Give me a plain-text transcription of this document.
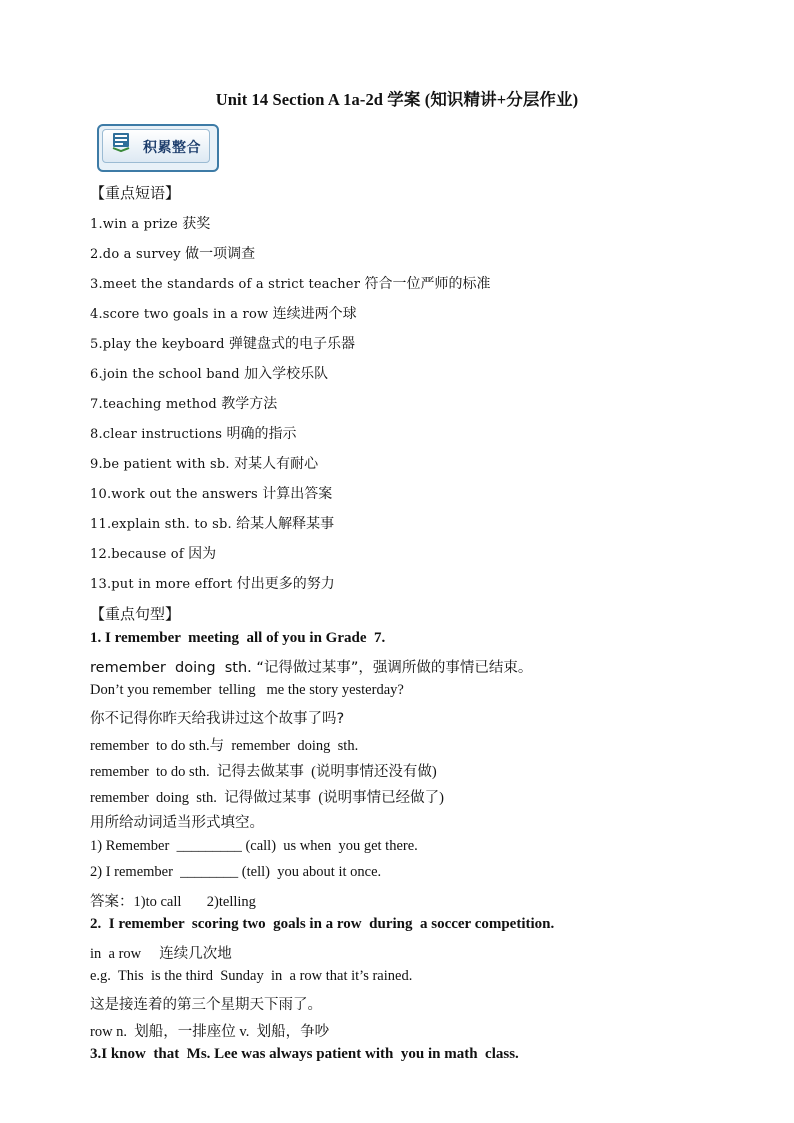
Unit 14 Section A 1a-2d 学案 (知识精讲+分层作业)
积累整合
【重点短语】
1.win a prize 获奖
2.do a survey 做一项调查
3.meet the standards of a strict teacher 符合一位严师的标准
4.score two goals in a row 连续进两个球
5.play the keyboard 弹键盘式的电子乐器
6.join the school band 加入学校乐队
7.teaching method 教学方法
8.clear instructions 明确的指示
9.be patient with sb. 对某人有耐心
10.work out the answers 计算出答案
11.explain sth. to sb. 给某人解释某事
12.because of 因为
13.put in more effort 付出更多的努力
【重点句型】
1. I remember  meeting  all of you in Grade  7.
remember  doing  sth. “记得做过某事”，强调所做的事情已结束。
Don’t you remember  telling   me the story yesterday?
你不记得你昨天给我讲过这个故事了吗?
remember  to do sth.与  remember  doing  sth.
remember  to do sth.  记得去做某事  (说明事情还没有做)
remember  doing  sth.  记得做过某事  (说明事情已经做了)
用所给动词适当形式填空。
1) Remember  _________ (call)  us when  you get there.
2) I remember  ________ (tell)  you about it once.
答案：1)to call       2)telling
2.  I remember  scoring two  goals in a row  during  a soccer competition.
in  a row     连续几次地
e.g.  This  is the third  Sunday  in  a row that it’s rained.
这是接连着的第三个星期天下雨了。
row n.  划船，一排座位 v.  划船，争吵
3.I know  that  Ms. Lee was always patient with  you in math  class.
